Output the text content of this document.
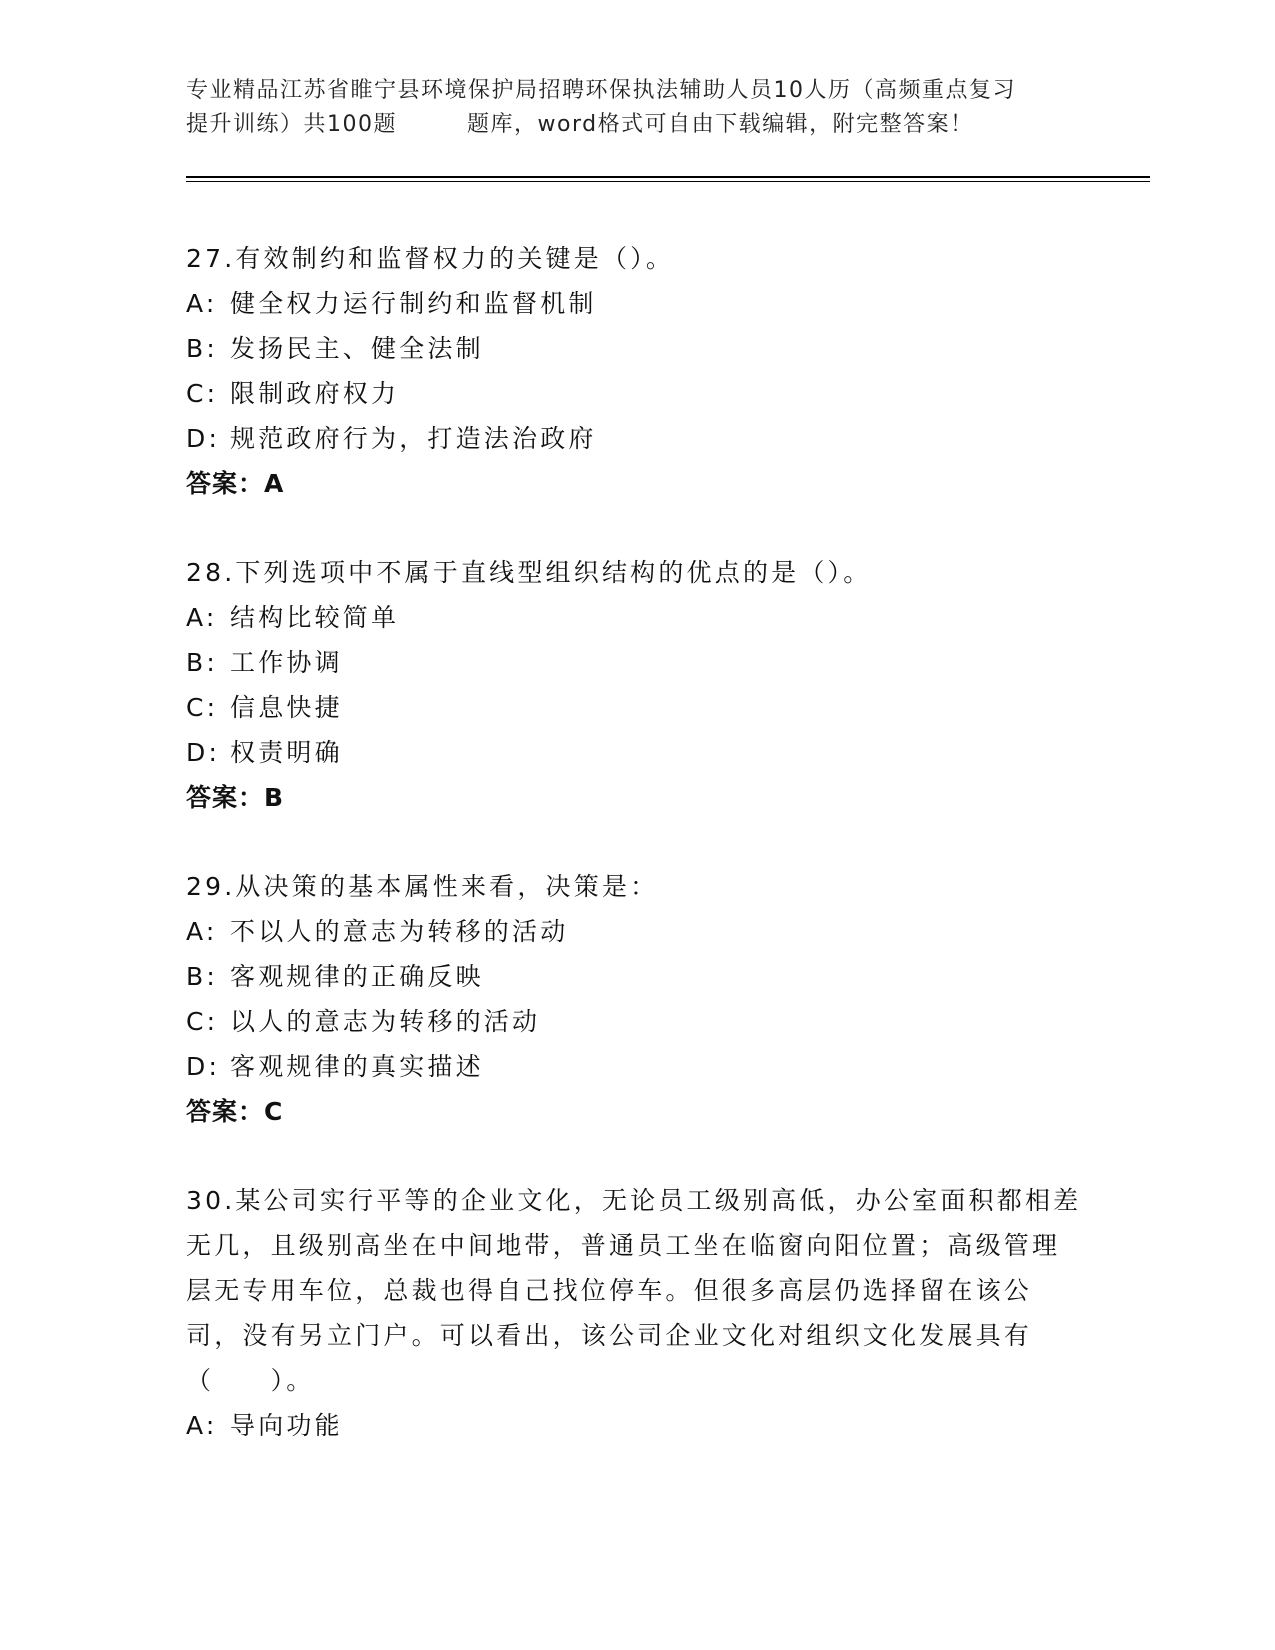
专业精品江苏省睢宁县环境保护局招聘环保执法辅助人员10人历（高频重点复习
提升训练）共100题	题库，word格式可自由下载编辑，附完整答案！

27.有效制约和监督权力的关键是（）。

A: 健全权力运行制约和监督机制
B: 发扬民主、健全法制
C: 限制政府权力
D: 规范政府行为，打造法治政府

答案：A

28.下列选项中不属于直线型组织结构的优点的是（）。

A: 结构比较简单
B: 工作协调
C: 信息快捷
D: 权责明确

答案：B

29.从决策的基本属性来看，决策是：

A: 不以人的意志为转移的活动
B: 客观规律的正确反映
C: 以人的意志为转移的活动
D: 客观规律的真实描述

答案：C

30.某公司实行平等的企业文化，无论员工级别高低，办公室面积都相差无几，且级别高坐在中间地带，普通员工坐在临窗向阳位置；高级管理层无专用车位，总裁也得自己找位停车。但很多高层仍选择留在该公司，没有另立门户。可以看出，该公司企业文化对组织文化发展具有（　　）。

A: 导向功能
